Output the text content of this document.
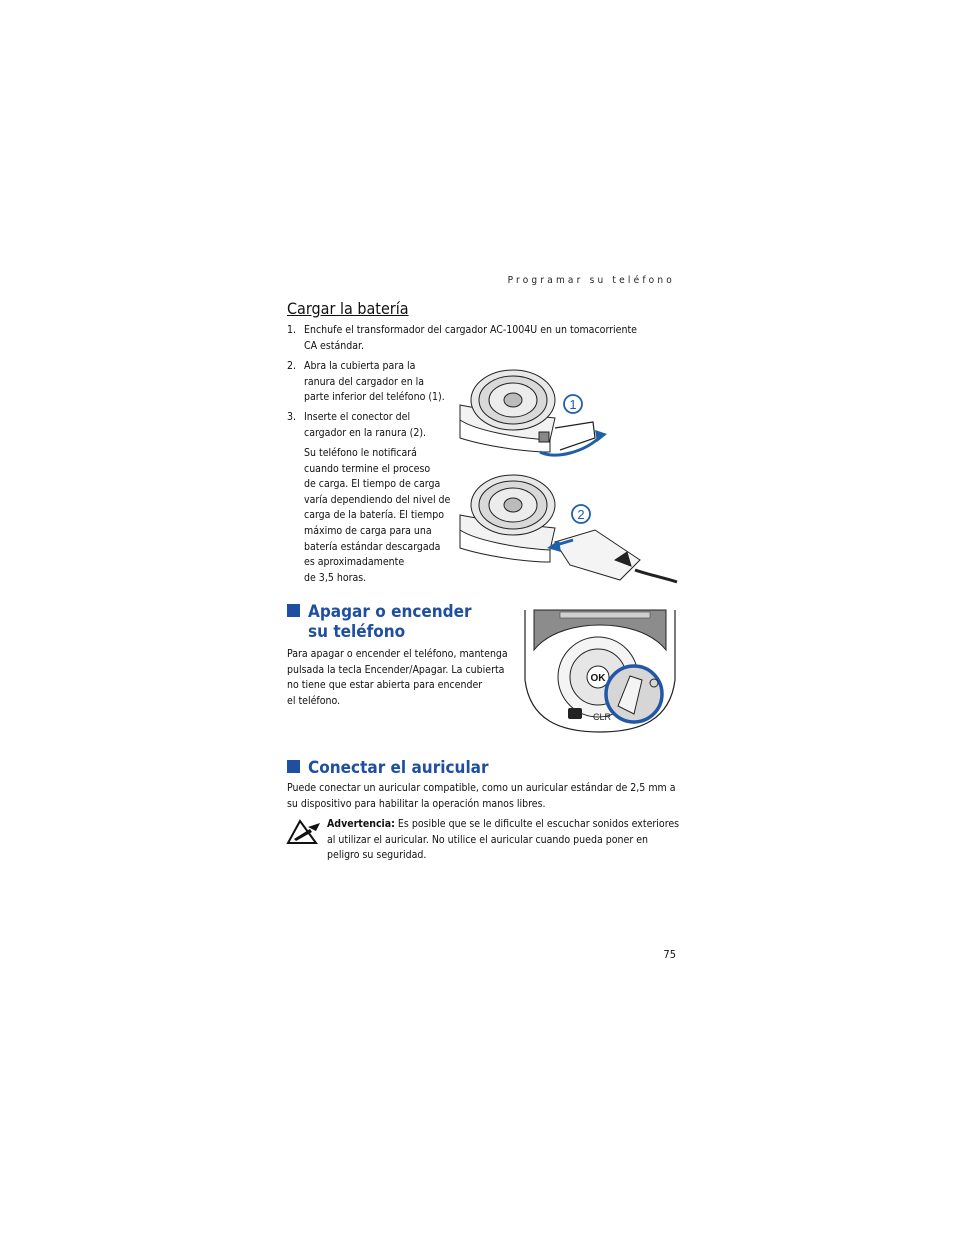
Programar su teléfono
Cargar la batería
1. Enchufe el transformador del cargador AC-1004U en un tomacorriente
CA estándar.
2. Abra la cubierta para la
ranura del cargador en la
parte inferior del teléfono (1).
3. Inserte el conector del
cargador en la ranura (2).
Su teléfono le notificará
cuando termine el proceso
de carga. El tiempo de carga
varía dependiendo del nivel de
carga de la batería. El tiempo
máximo de carga para una
batería estándar descargada
es aproximadamente
de 3,5 horas.
1
2
Apagar o encender
su teléfono
Para apagar o encender el teléfono, mantenga
pulsada la tecla Encender/Apagar. La cubierta
no tiene que estar abierta para encender
el teléfono.
OK
CLR
Conectar el auricular
Puede conectar un auricular compatible, como un auricular estándar de 2,5 mm a
su dispositivo para habilitar la operación manos libres.
Advertencia: Es posible que se le dificulte el escuchar sonidos exteriores
al utilizar el auricular. No utilice el auricular cuando pueda poner en
peligro su seguridad.
75
